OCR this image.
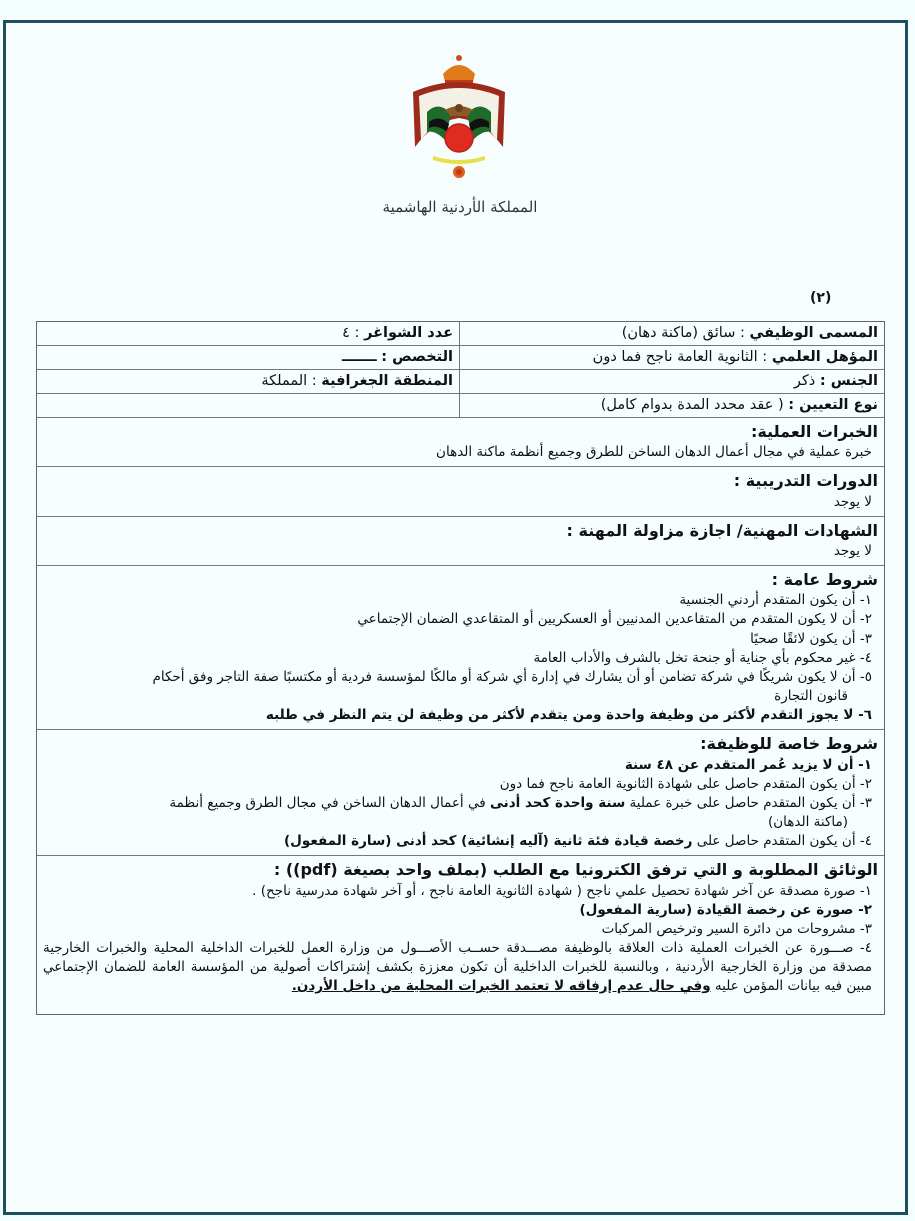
المملكة الأردنية الهاشمية
(٢)
المسمى الوظيفي : سائق (ماكنة دهان)
عدد الشواغر : ٤
المؤهل العلمي : الثانوية العامة ناجح فما دون
التخصص : ـــــــ
الجنس : ذكر
المنطقة الجغرافية : المملكة
نوع التعيين : ( عقد محدد المدة بدوام كامل)
الخبرات العملية:
خبرة عملية في مجال أعمال الدهان الساخن للطرق وجميع أنظمة ماكنة الدهان
الدورات التدريبية :
لا يوجد
الشهادات المهنية/ اجازة مزاولة المهنة :
لا يوجد
شروط عامة :
١- أن يكون المتقدم أردني الجنسية
٢- أن لا يكون المتقدم من المتقاعدين المدنيين أو العسكريين أو المتقاعدي الضمان الإجتماعي
٣- أن يكون لائقًا صحيًا
٤- غير محكوم بأي جناية أو جنحة تخل بالشرف والأداب العامة
٥- أن لا يكون شريكًا في شركة تضامن أو أن يشارك في إدارة أي شركة أو مالكًا لمؤسسة فردية أو مكتسبًا صفة التاجر وفق أحكام
قانون التجارة
٦- لا يجوز التقدم لأكثر من وظيفة واحدة ومن يتقدم لأكثر من وظيفة لن يتم النظر في طلبه
شروط خاصة للوظيفة:
١- أن لا يزيد عُمر المتقدم عن ٤٨ سنة
٢- أن يكون المتقدم حاصل على شهادة الثانوية العامة ناجح فما دون
٣- أن يكون المتقدم حاصل على خبرة عملية سنة واحدة كحد أدنى في أعمال الدهان الساخن في مجال الطرق وجميع أنظمة
(ماكنة الدهان)
٤- أن يكون المتقدم حاصل على رخصة قيادة فئة ثانية (آليه إنشائية) كحد أدنى (سارة المفعول)
الوثائق المطلوبة و التي ترفق الكترونيا مع الطلب (بملف واحد بصيغة (pdf)) :
١- صورة مصدقة عن آخر شهادة تحصيل علمي ناجح ( شهادة الثانوية العامة ناجح ، أو آخر شهادة مدرسية ناجح) .
٢- صورة عن رخصة القيادة (سارية المفعول)
٣- مشروحات من دائرة السير وترخيص المركبات
٤- صـــورة عن الخبرات العملية ذات العلاقة بالوظيفة مصـــدقة حســب الأصـــول من وزارة العمل للخبرات الداخلية المحلية والخبرات الخارجية مصدقة من وزارة الخارجية الأردنية ، وبالنسبة للخبرات الداخلية أن تكون معززة بكشف إشتراكات أصولية من المؤسسة العامة للضمان الإجتماعي مبين فيه بيانات المؤمن عليه وفي حال عدم إرفاقه لا تعتمد الخبرات المحلية من داخل الأردن.
